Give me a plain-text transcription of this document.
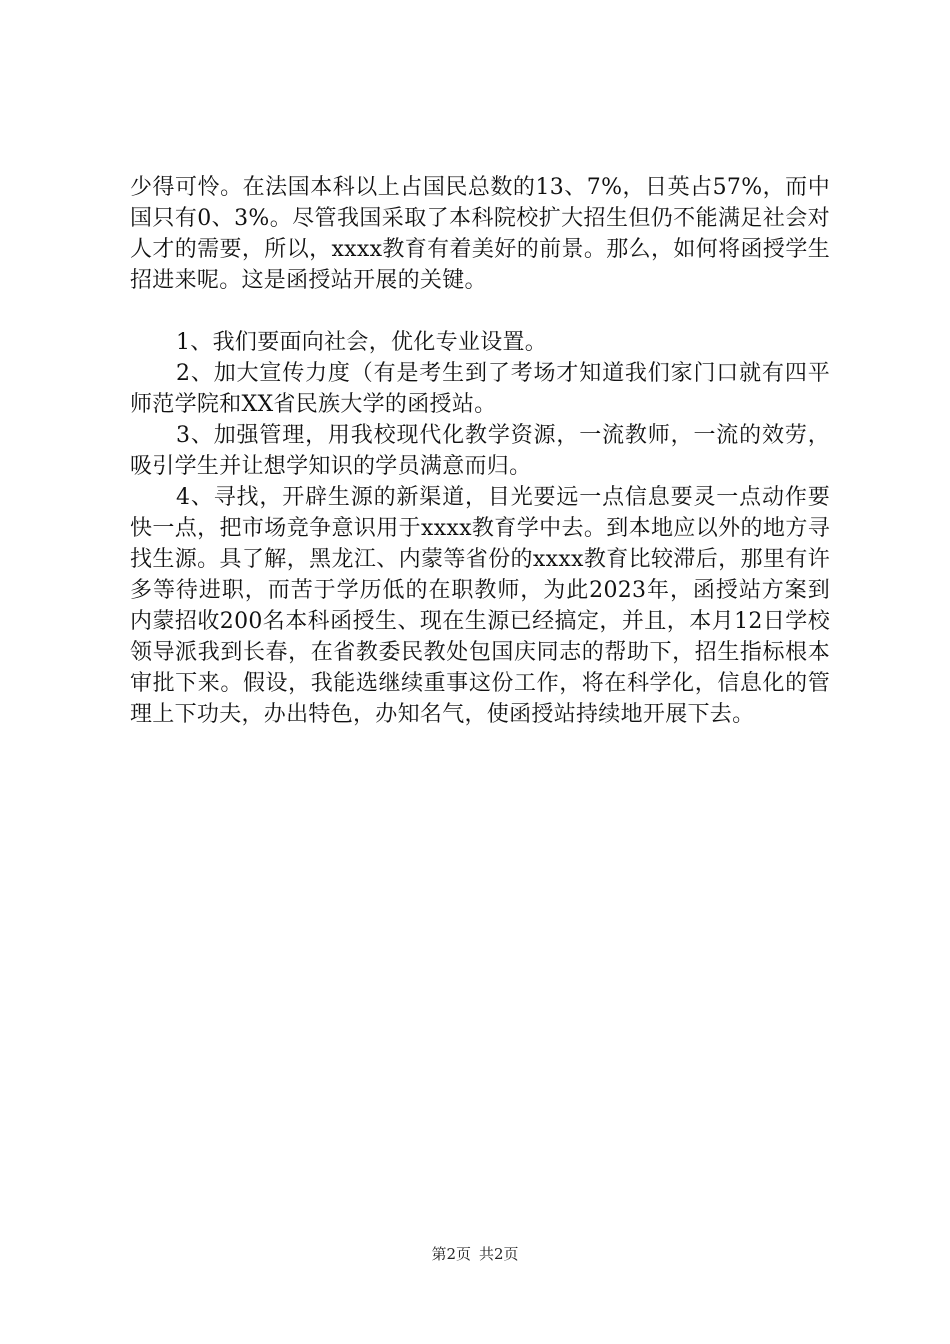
少得可怜。在法国本科以上占国民总数的13、7%，日英占57%，而中国只有0、3%。尽管我国采取了本科院校扩大招生但仍不能满足社会对人才的需要，所以，xxxx教育有着美好的前景。那么，如何将函授学生招进来呢。这是函授站开展的关键。

1、我们要面向社会，优化专业设置。

2、加大宣传力度（有是考生到了考场才知道我们家门口就有四平师范学院和XX省民族大学的函授站。

3、加强管理，用我校现代化教学资源，一流教师，一流的效劳，吸引学生并让想学知识的学员满意而归。

4、寻找，开辟生源的新渠道，目光要远一点信息要灵一点动作要快一点，把市场竞争意识用于xxxx教育学中去。到本地应以外的地方寻找生源。具了解，黑龙江、内蒙等省份的xxxx教育比较滞后，那里有许多等待进职，而苦于学历低的在职教师，为此2023年，函授站方案到内蒙招收200名本科函授生、现在生源已经搞定，并且，本月12日学校领导派我到长春，在省教委民教处包国庆同志的帮助下，招生指标根本审批下来。假设，我能选继续重事这份工作，将在科学化，信息化的管理上下功夫，办出特色，办知名气，使函授站持续地开展下去。

第2页 共2页
